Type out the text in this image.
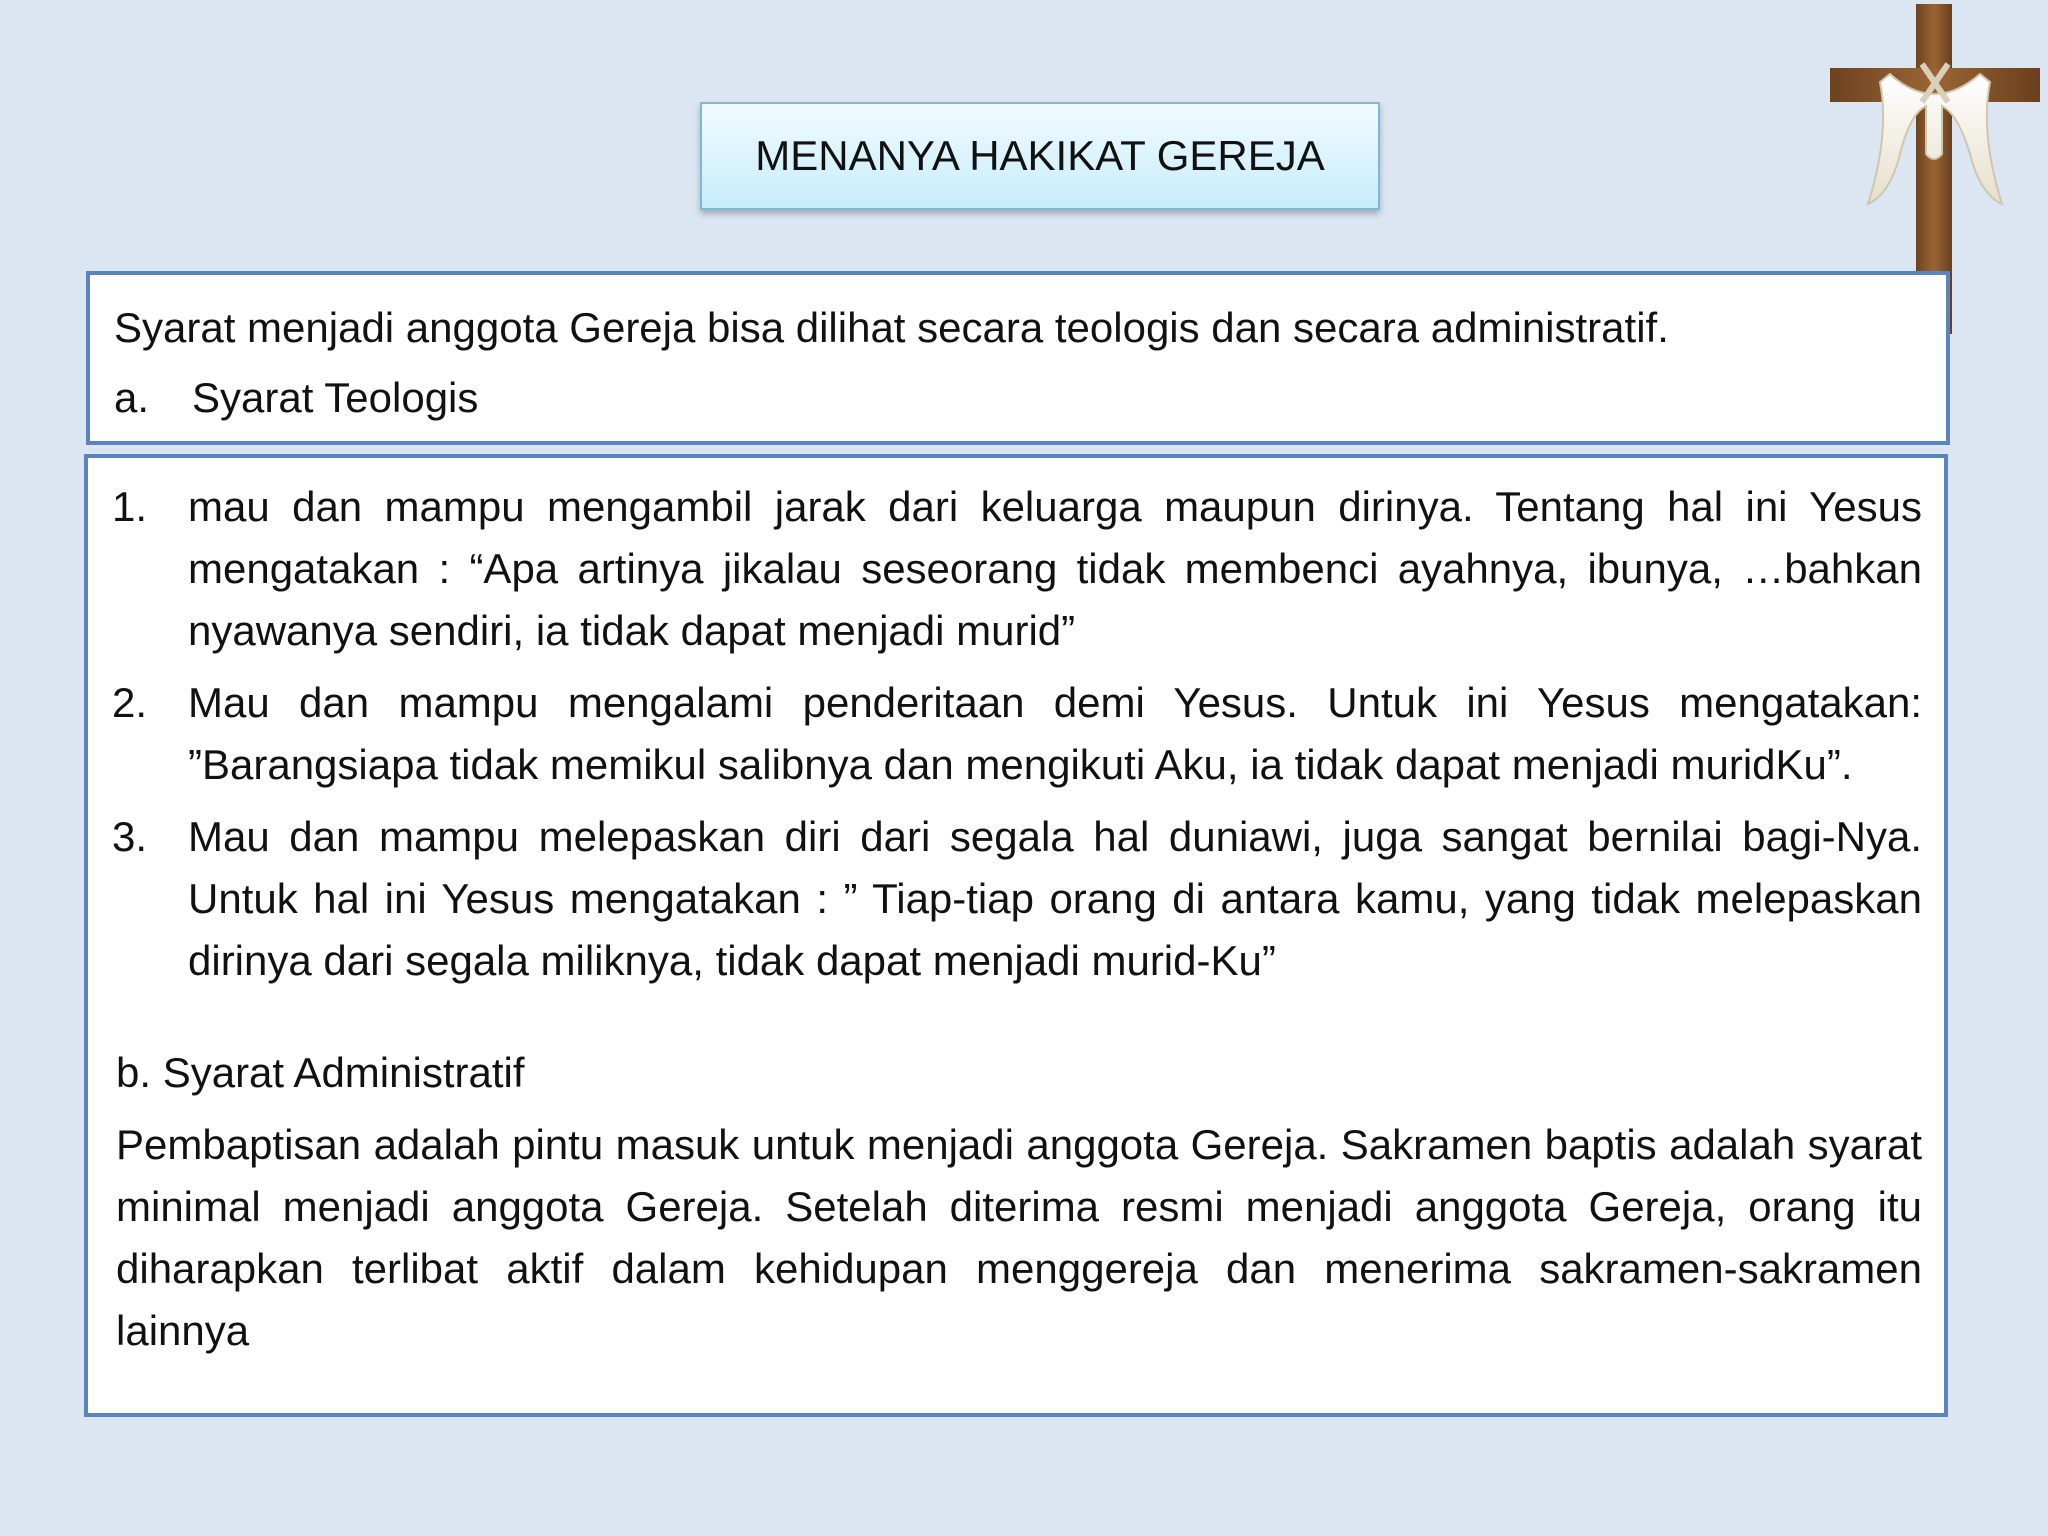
MENANYA HAKIKAT GEREJA
Syarat menjadi anggota Gereja bisa dilihat secara teologis dan secara administratif.
a.	Syarat Teologis
1. mau dan mampu mengambil jarak dari keluarga maupun dirinya. Tentang hal ini Yesus mengatakan : “Apa artinya jikalau seseorang tidak membenci ayahnya, ibunya, …bahkan nyawanya sendiri, ia tidak dapat menjadi murid”
2. Mau dan mampu mengalami penderitaan demi Yesus. Untuk ini Yesus mengatakan: ”Barangsiapa tidak memikul salibnya dan mengikuti Aku, ia tidak dapat menjadi muridKu”.
3. Mau dan mampu melepaskan diri dari segala hal duniawi, juga sangat bernilai bagi-Nya. Untuk hal ini Yesus mengatakan : ” Tiap-tiap orang di antara kamu, yang tidak melepaskan dirinya dari segala miliknya, tidak dapat menjadi murid-Ku”
b. Syarat Administratif
Pembaptisan adalah pintu masuk untuk menjadi anggota Gereja. Sakramen baptis adalah syarat minimal menjadi anggota Gereja. Setelah diterima resmi menjadi anggota Gereja, orang itu diharapkan terlibat aktif dalam kehidupan menggereja dan menerima sakramen-sakramen lainnya
